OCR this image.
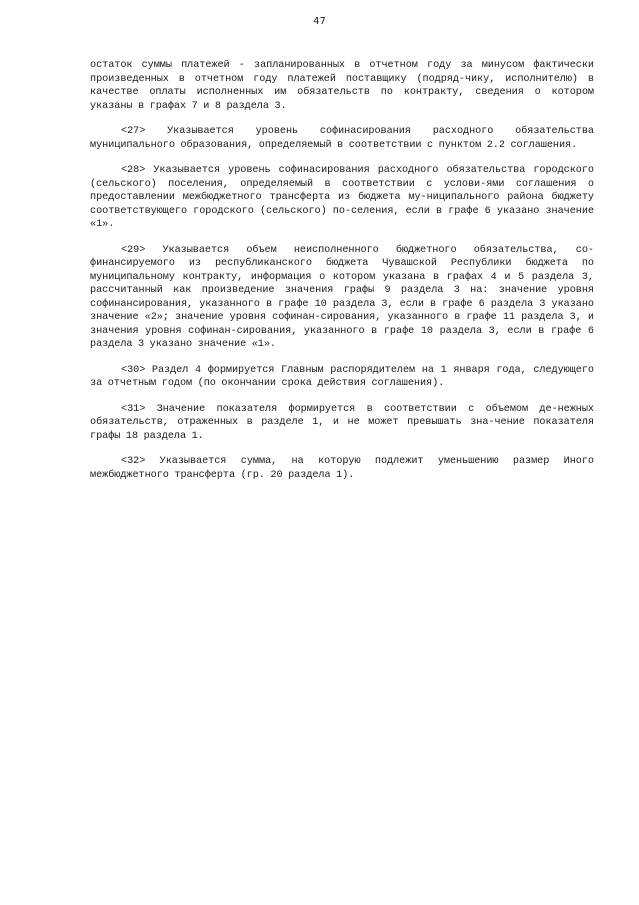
47

остаток суммы платежей - запланированных в отчетном году за минусом фактически произведенных в отчетном году платежей поставщику (подряд-чику, исполнителю) в качестве оплаты исполненных им обязательств по контракту, сведения о котором указаны в графах 7 и 8 раздела 3.

<27> Указывается уровень софинасирования расходного обязательства муниципального образования, определяемый в соответствии с пунктом 2.2 соглашения.

<28> Указывается уровень софинасирования расходного обязательства городского (сельского) поселения, определяемый в соответствии с услови-ями соглашения о предоставлении межбюджетного трансферта из бюджета му-ниципального района бюджету соответствующего городского (сельского) по-селения, если в графе 6 указано значение «1».

<29> Указывается объем неисполненного бюджетного обязательства, со-финансируемого из республиканского бюджета Чувашской Республики бюджета по муниципальному контракту, информация о котором указана в графах 4 и 5 раздела 3, рассчитанный как произведение значения графы 9 раздела 3 на: значение уровня софинансирования, указанного в графе 10 раздела 3, если в графе 6 раздела 3 указано значение «2»; значение уровня софинан-сирования, указанного в графе 11 раздела 3, и значения уровня софинан-сирования, указанного в графе 10 раздела 3, если в графе 6 раздела 3 указано значение «1».

<30> Раздел 4 формируется Главным распорядителем на 1 января года, следующего за отчетным годом (по окончании срока действия соглашения).

<31> Значение показателя формируется в соответствии с объемом де-нежных обязательств, отраженных в разделе 1, и не может превышать зна-чение показателя графы 18 раздела 1.

<32> Указывается сумма, на которую подлежит уменьшению размер Иного межбюджетного трансферта (гр. 20 раздела 1).
